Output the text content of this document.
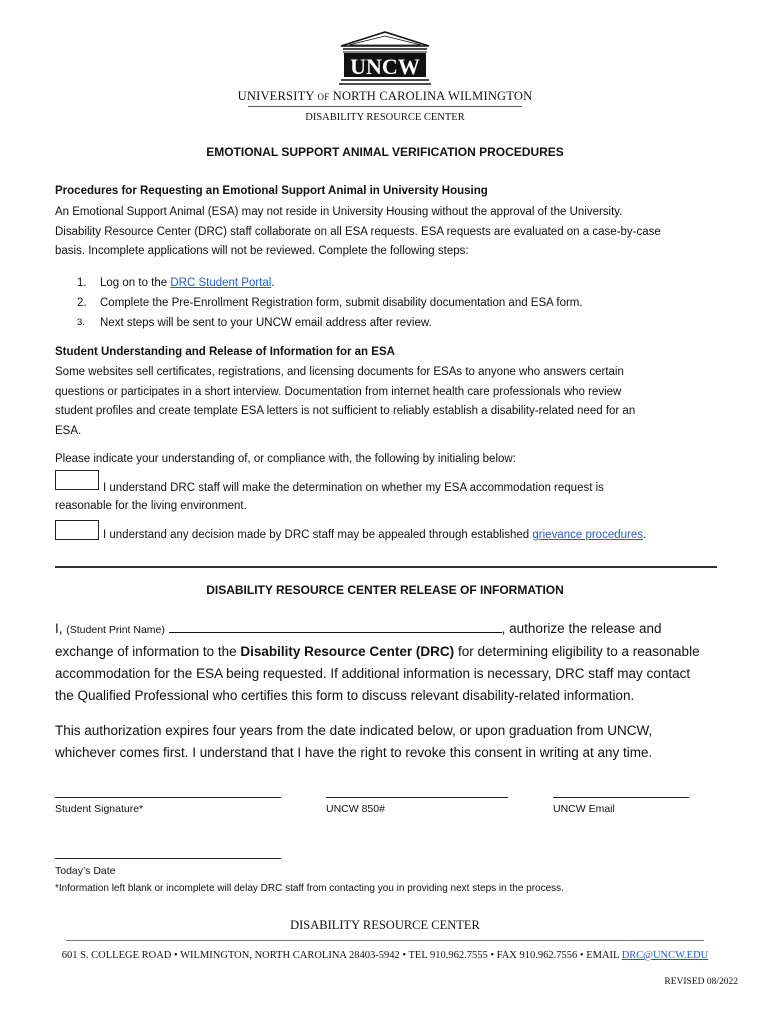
UNCW
UNIVERSITY of NORTH CAROLINA WILMINGTON
DISABILITY RESOURCE CENTER
EMOTIONAL SUPPORT ANIMAL VERIFICATION PROCEDURES
Procedures for Requesting an Emotional Support Animal in University Housing

An Emotional Support Animal (ESA) may not reside in University Housing without the approval of the University.

Disability Resource Center (DRC) staff collaborate on all ESA requests. ESA requests are evaluated on a case-by-case

basis. Incomplete applications will not be reviewed. Complete the following steps:

1.	Log on to the DRC Student Portal.
2.	Complete the Pre-Enrollment Registration form, submit disability documentation and ESA form.
3.	Next steps will be sent to your UNCW email address after review.
Student Understanding and Release of Information for an ESA

Some websites sell certificates, registrations, and licensing documents for ESAs to anyone who answers certain

questions or participates in a short interview. Documentation from internet health care professionals who review

student profiles and create template ESA letters is not sufficient to reliably establish a disability-related need for an

ESA.

Please indicate your understanding of, or compliance with, the following by initialing below:
I understand DRC staff will make the determination on whether my ESA accommodation request is
reasonable for the living environment.
I understand any decision made by DRC staff may be appealed through established grievance procedures.
DISABILITY RESOURCE CENTER RELEASE OF INFORMATION

I, (Student Print Name)	, authorize the release and

exchange of information to the Disability Resource Center (DRC) for determining eligibility to a reasonable

accommodation for the ESA being requested. If additional information is necessary, DRC staff may contact

the Qualified Professional who certifies this form to discuss relevant disability-related information.

This authorization expires four years from the date indicated below, or upon graduation from UNCW,

whichever comes first. I understand that I have the right to revoke this consent in writing at any time.

Student Signature*	UNCW 850#	UNCW Email
Today’s Date
*Information left blank or incomplete will delay DRC staff from contacting you in providing next steps in the process.
DISABILITY RESOURCE CENTER
601 S. COLLEGE ROAD • WILMINGTON, NORTH CAROLINA 28403-5942 • TEL 910.962.7555 • FAX 910.962.7556 • EMAIL DRC@UNCW.EDU
REVISED 08/2022
